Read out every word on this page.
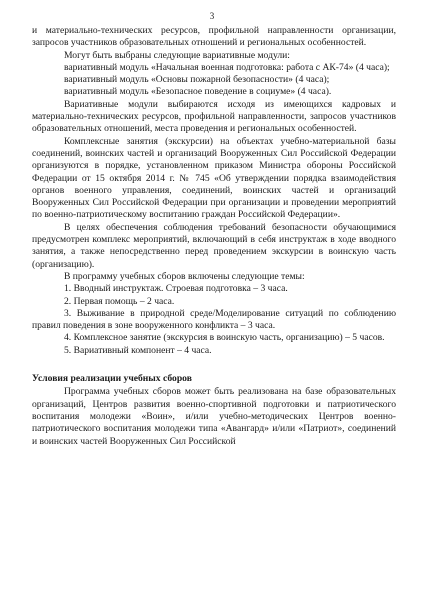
3

и материально-технических ресурсов, профильной направленности организации, запросов участников образовательных отношений и региональных особенностей.

Могут быть выбраны следующие вариативные модули:

вариативный модуль «Начальная военная подготовка: работа с АК-74» (4 часа);

вариативный модуль «Основы пожарной безопасности» (4 часа);

вариативный модуль «Безопасное поведение в социуме» (4 часа).

Вариативные модули выбираются исходя из имеющихся кадровых и материально-технических ресурсов, профильной направленности, запросов участников образовательных отношений, места проведения и региональных особенностей.

Комплексные занятия (экскурсии) на объектах учебно-материальной базы соединений, воинских частей и организаций Вооруженных Сил Российской Федерации организуются в порядке, установленном приказом Министра обороны Российской Федерации от 15 октября 2014 г. № 745 «Об утверждении порядка взаимодействия органов военного управления, соединений, воинских частей и организаций Вооруженных Сил Российской Федерации при организации и проведении мероприятий по военно-патриотическому воспитанию граждан Российской Федерации».

В целях обеспечения соблюдения требований безопасности обучающимися предусмотрен комплекс мероприятий, включающий в себя инструктаж в ходе вводного занятия, а также непосредственно перед проведением экскурсии в воинскую часть (организацию).

В программу учебных сборов включены следующие темы:

1. Вводный инструктаж. Строевая подготовка – 3 часа.

2. Первая помощь – 2 часа.

3. Выживание в природной среде/Моделирование ситуаций по соблюдению правил поведения в зоне вооруженного конфликта – 3 часа.

4. Комплексное занятие (экскурсия в воинскую часть, организацию) – 5 часов.

5. Вариативный компонент – 4 часа.

Условия реализации учебных сборов

Программа учебных сборов может быть реализована на базе образовательных организаций, Центров развития военно-спортивной подготовки и патриотического воспитания молодежи «Воин», и/или учебно-методических Центров военно-патриотического воспитания молодежи типа «Авангард» и/или «Патриот», соединений и воинских частей Вооруженных Сил Российской
